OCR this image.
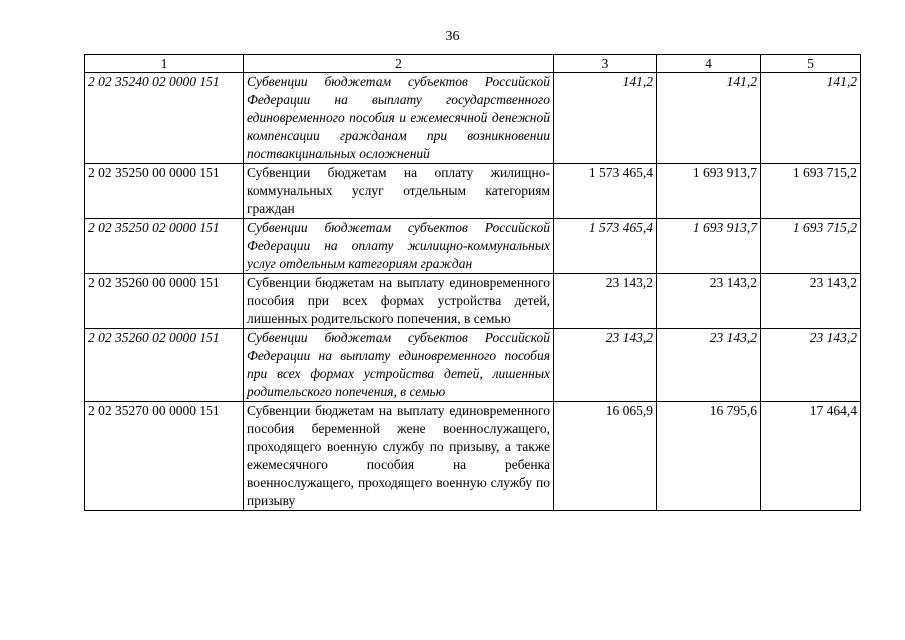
36
1	2	3	4	5
2 02 35240 02 0000 151	Субвенции бюджетам субъектов Российской Федерации на выплату государственного единовременного пособия и ежемесячной денежной компенсации гражданам при возникновении поствакцинальных осложнений	141,2	141,2	141,2
2 02 35250 00 0000 151	Субвенции бюджетам на оплату жилищно-коммунальных услуг отдельным категориям граждан	1 573 465,4	1 693 913,7	1 693 715,2
2 02 35250 02 0000 151	Субвенции бюджетам субъектов Российской Федерации на оплату жилищно-коммунальных услуг отдельным категориям граждан	1 573 465,4	1 693 913,7	1 693 715,2
2 02 35260 00 0000 151	Субвенции бюджетам на выплату единовременного пособия при всех формах устройства детей, лишенных родительского попечения, в семью	23 143,2	23 143,2	23 143,2
2 02 35260 02 0000 151	Субвенции бюджетам субъектов Российской Федерации на выплату единовременного пособия при всех формах устройства детей, лишенных родительского попечения, в семью	23 143,2	23 143,2	23 143,2
2 02 35270 00 0000 151	Субвенции бюджетам на выплату единовременного пособия беременной жене военнослужащего, проходящего военную службу по призыву, а также ежемесячного пособия на ребенка военнослужащего, проходящего военную службу по призыву	16 065,9	16 795,6	17 464,4
